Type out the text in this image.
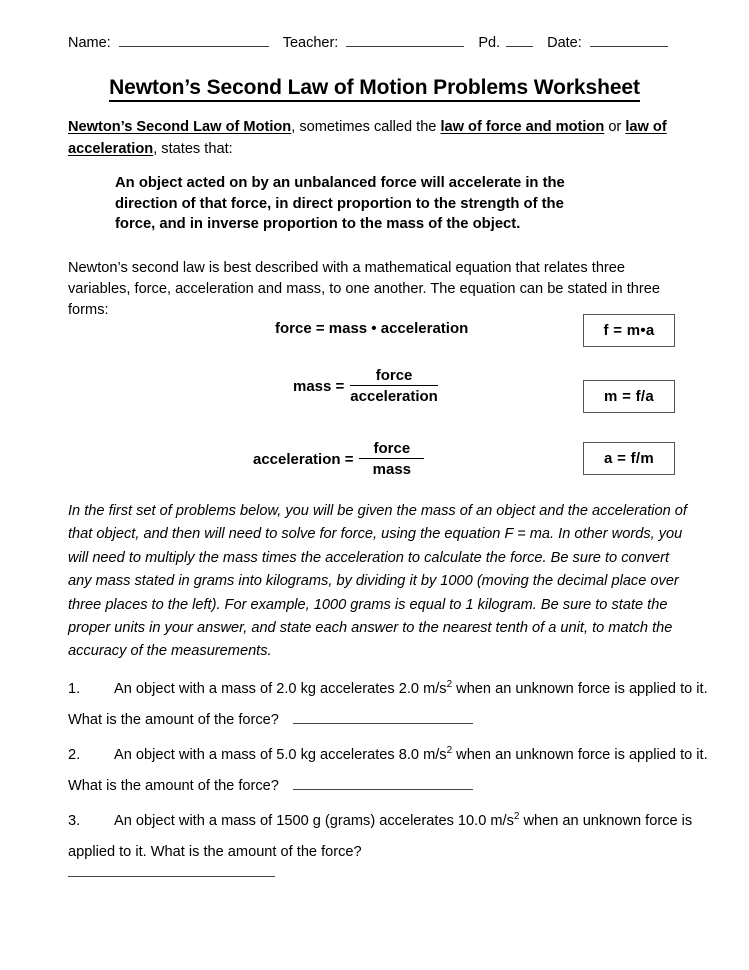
Name:	Teacher:	Pd.	Date:
Newton’s Second Law of Motion Problems Worksheet
Newton’s Second Law of Motion, sometimes called the law of force and motion or law of acceleration, states that:
An object acted on by an unbalanced force will accelerate in the direction of that force, in direct proportion to the strength of the force, and in inverse proportion to the mass of the object.
Newton’s second law is best described with a mathematical equation that relates three variables, force, acceleration and mass, to one another. The equation can be stated in three forms:
force = mass • acceleration	f = m•a
mass = $\frac{\text{force}}{\text{acceleration}}$	m = f/a
acceleration = $\frac{\text{force}}{\text{mass}}$	a = f/m
In the first set of problems below, you will be given the mass of an object and the acceleration of that object, and then will need to solve for force, using the equation F = ma. In other words, you will need to multiply the mass times the acceleration to calculate the force. Be sure to convert any mass stated in grams into kilograms, by dividing it by 1000 (moving the decimal place over three places to the left). For example, 1000 grams is equal to 1 kilogram. Be sure to state the proper units in your answer, and state each answer to the nearest tenth of a unit, to match the accuracy of the measurements.
1. An object with a mass of 2.0 kg accelerates 2.0 $m/s^2$ when an unknown force is applied to it. What is the amount of the force?
2. An object with a mass of 5.0 kg accelerates 8.0 $m/s^2$ when an unknown force is applied to it. What is the amount of the force?
3. An object with a mass of 1500 g (grams) accelerates 10.0 $m/s^2$ when an unknown force is applied to it. What is the amount of the force?
